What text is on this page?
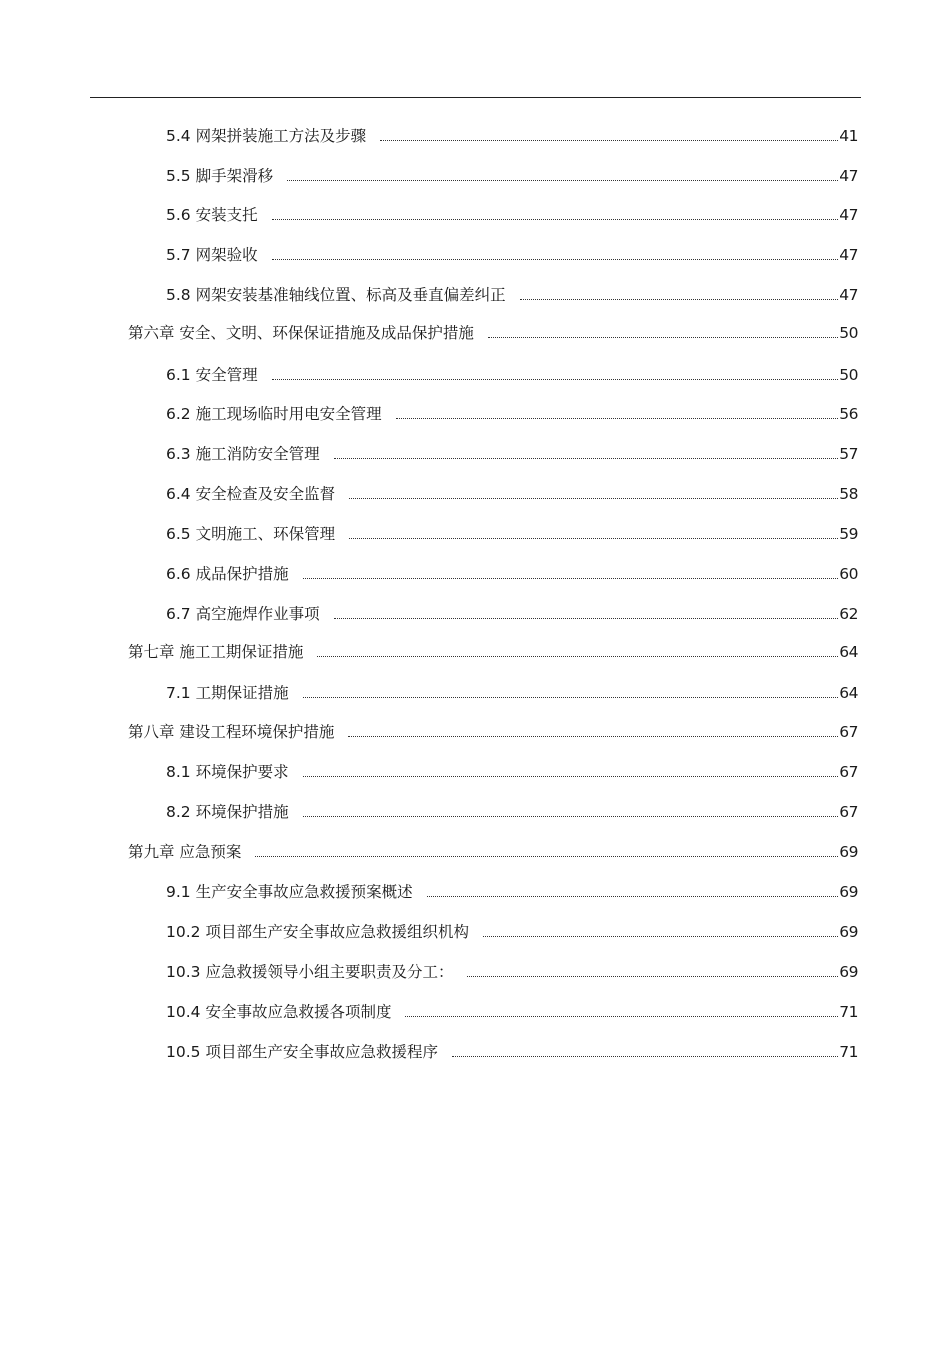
5.4 网架拼装施工方法及步骤	41
5.5 脚手架滑移	47
5.6 安装支托	47
5.7 网架验收	47
5.8 网架安装基准轴线位置、标高及垂直偏差纠正	47
第六章 安全、文明、环保保证措施及成品保护措施	50
6.1 安全管理	50
6.2 施工现场临时用电安全管理	56
6.3 施工消防安全管理	57
6.4 安全检查及安全监督	58
6.5 文明施工、环保管理	59
6.6 成品保护措施	60
6.7 高空施焊作业事项	62
第七章 施工工期保证措施	64
7.1 工期保证措施	64
第八章 建设工程环境保护措施	67
8.1 环境保护要求	67
8.2 环境保护措施	67
第九章 应急预案	69
9.1 生产安全事故应急救援预案概述	69
10.2 项目部生产安全事故应急救援组织机构	69
10.3 应急救援领导小组主要职责及分工：	69
10.4 安全事故应急救援各项制度	71
10.5 项目部生产安全事故应急救援程序	71
